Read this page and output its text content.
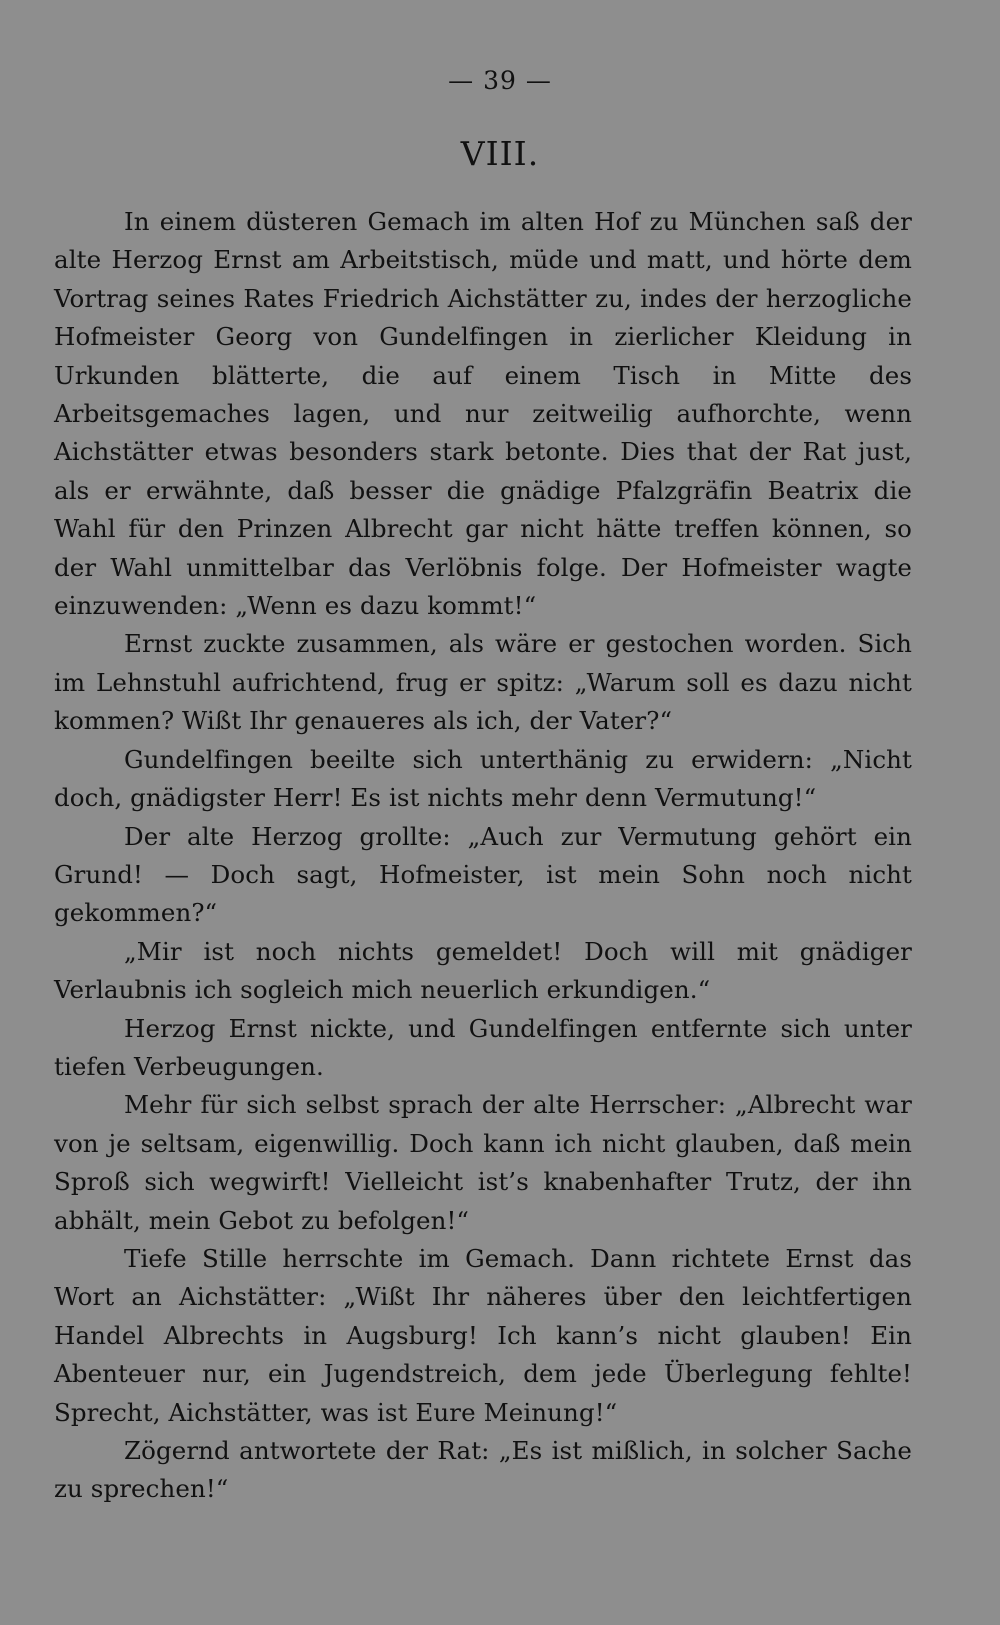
— 39 —
VIII.

In einem düsteren Gemach im alten Hof zu München saß der alte Herzog Ernst am Arbeitstisch, müde und matt, und hörte dem Vortrag seines Rates Friedrich Aichstätter zu, indes der herzogliche Hofmeister Georg von Gundelfingen in zierlicher Kleidung in Urkunden blätterte, die auf einem Tisch in Mitte des Arbeitsgemaches lagen, und nur zeitweilig aufhorchte, wenn Aichstätter etwas besonders stark betonte. Dies that der Rat just, als er erwähnte, daß besser die gnädige Pfalzgräfin Beatrix die Wahl für den Prinzen Albrecht gar nicht hätte treffen können, so der Wahl unmittelbar das Verlöbnis folge. Der Hofmeister wagte einzuwenden: „Wenn es dazu kommt!“

Ernst zuckte zusammen, als wäre er gestochen worden. Sich im Lehnstuhl aufrichtend, frug er spitz: „Warum soll es dazu nicht kommen? Wißt Ihr genaueres als ich, der Vater?“

Gundelfingen beeilte sich unterthänig zu erwidern: „Nicht doch, gnädigster Herr! Es ist nichts mehr denn Vermutung!“

Der alte Herzog grollte: „Auch zur Vermutung gehört ein Grund! — Doch sagt, Hofmeister, ist mein Sohn noch nicht gekommen?“

„Mir ist noch nichts gemeldet! Doch will mit gnädiger Verlaubnis ich sogleich mich neuerlich erkundigen.“

Herzog Ernst nickte, und Gundelfingen entfernte sich unter tiefen Verbeugungen.

Mehr für sich selbst sprach der alte Herrscher: „Albrecht war von je seltsam, eigenwillig. Doch kann ich nicht glauben, daß mein Sproß sich wegwirft! Vielleicht ist’s knabenhafter Trutz, der ihn abhält, mein Gebot zu befolgen!“

Tiefe Stille herrschte im Gemach. Dann richtete Ernst das Wort an Aichstätter: „Wißt Ihr näheres über den leichtfertigen Handel Albrechts in Augsburg! Ich kann’s nicht glauben! Ein Abenteuer nur, ein Jugendstreich, dem jede Überlegung fehlte! Sprecht, Aichstätter, was ist Eure Meinung!“

Zögernd antwortete der Rat: „Es ist mißlich, in solcher Sache zu sprechen!“
